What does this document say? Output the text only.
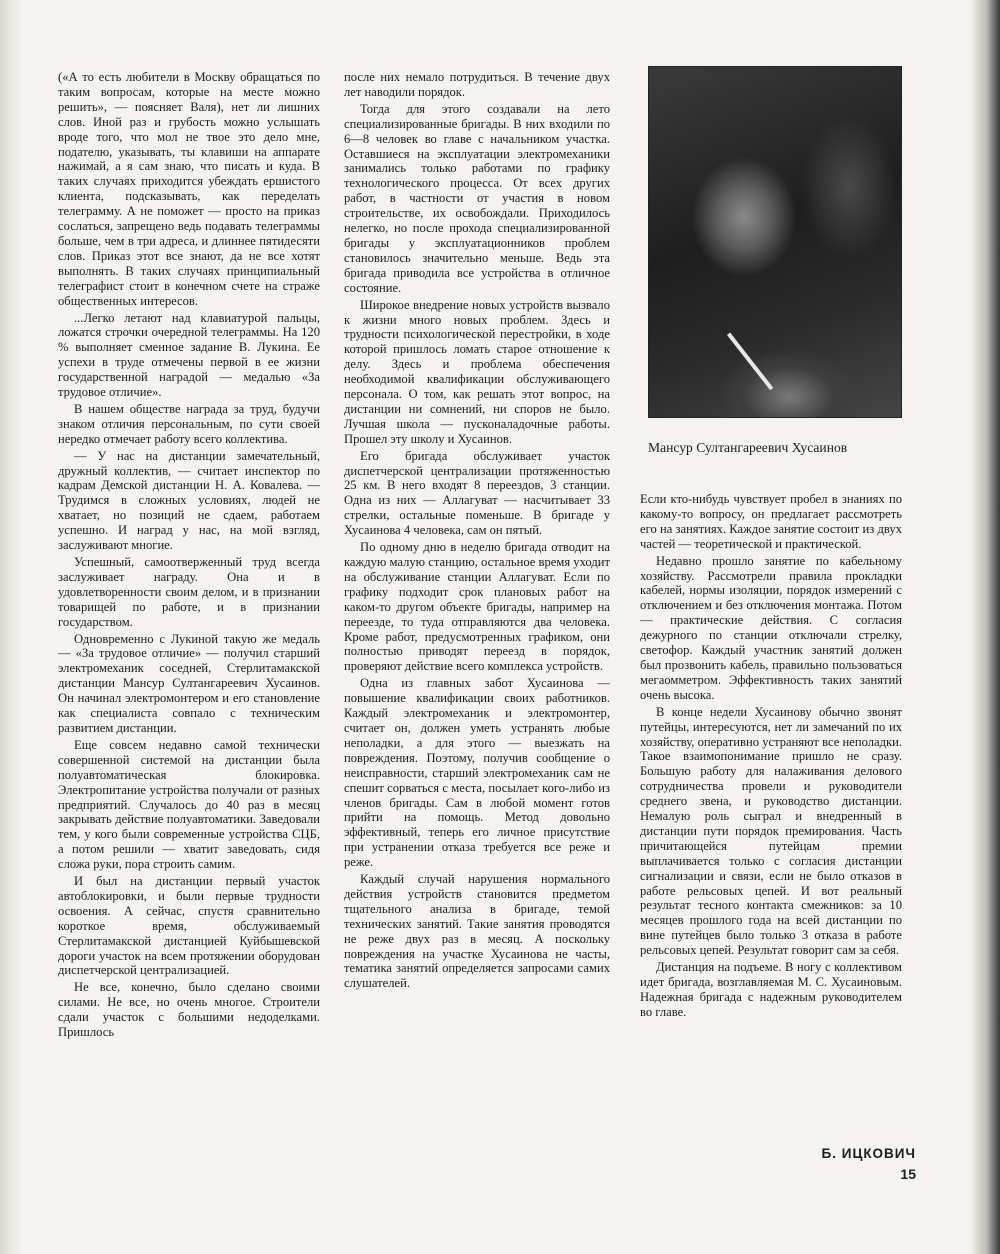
(«А то есть любители в Москву обращаться по таким вопросам, которые на месте можно решить», — поясняет Валя), нет ли лишних слов. Иной раз и грубость можно услышать вроде того, что мол не твое это дело мне, подателю, указывать, ты клавиши на аппарате нажимай, а я сам знаю, что писать и куда. В таких случаях приходится убеждать ершистого клиента, подсказывать, как переделать телеграмму. А не поможет — просто на приказ сослаться, запрещено ведь подавать телеграммы больше, чем в три адреса, и длиннее пятидесяти слов. Приказ этот все знают, да не все хотят выполнять. В таких случаях принципиальный телеграфист стоит в конечном счете на страже общественных интересов.

...Легко летают над клавиатурой пальцы, ложатся строчки очередной телеграммы. На 120 % выполняет сменное задание В. Лукина. Ее успехи в труде отмечены первой в ее жизни государственной наградой — медалью «За трудовое отличие».

В нашем обществе награда за труд, будучи знаком отличия персональным, по сути своей нередко отмечает работу всего коллектива.

— У нас на дистанции замечательный, дружный коллектив, — считает инспектор по кадрам Демской дистанции Н. А. Ковалева. — Трудимся в сложных условиях, людей не хватает, но позиций не сдаем, работаем успешно. И наград у нас, на мой взгляд, заслуживают многие.

Успешный, самоотверженный труд всегда заслуживает награду. Она и в удовлетворенности своим делом, и в признании товарищей по работе, и в признании государством.

Одновременно с Лукиной такую же медаль — «За трудовое отличие» — получил старший электромеханик соседней, Стерлитамакской дистанции Мансур Султангареевич Хусаинов. Он начинал электромонтером и его становление как специалиста совпало с техническим развитием дистанции.

Еще совсем недавно самой технически совершенной системой на дистанции была полуавтоматическая блокировка. Электропитание устройства получали от разных предприятий. Случалось до 40 раз в месяц закрывать действие полуавтоматики. Заведовали тем, у кого были современные устройства СЦБ, а потом решили — хватит заведовать, сидя сложа руки, пора строить самим.

И был на дистанции первый участок автоблокировки, и были первые трудности освоения. А сейчас, спустя сравнительно короткое время, обслуживаемый Стерлитамакской дистанцией Куйбышевской дороги участок на всем протяжении оборудован диспетчерской централизацией.

Не все, конечно, было сделано своими силами. Не все, но очень многое. Строители сдали участок с большими недоделками. Пришлось

после них немало потрудиться. В течение двух лет наводили порядок.

Тогда для этого создавали на лето специализированные бригады. В них входили по 6—8 человек во главе с начальником участка. Оставшиеся на эксплуатации электромеханики занимались только работами по графику технологического процесса. От всех других работ, в частности от участия в новом строительстве, их освобождали. Приходилось нелегко, но после прохода специализированной бригады у эксплуатационников проблем становилось значительно меньше. Ведь эта бригада приводила все устройства в отличное состояние.

Широкое внедрение новых устройств вызвало к жизни много новых проблем. Здесь и трудности психологической перестройки, в ходе которой пришлось ломать старое отношение к делу. Здесь и проблема обеспечения необходимой квалификации обслуживающего персонала. О том, как решать этот вопрос, на дистанции ни сомнений, ни споров не было. Лучшая школа — пусконаладочные работы. Прошел эту школу и Хусаинов.

Его бригада обслуживает участок диспетчерской централизации протяженностью 25 км. В него входят 8 переездов, 3 станции. Одна из них — Аллагуват — насчитывает 33 стрелки, остальные поменьше. В бригаде у Хусаинова 4 человека, сам он пятый.

По одному дню в неделю бригада отводит на каждую малую станцию, остальное время уходит на обслуживание станции Аллагуват. Если по графику подходит срок плановых работ на каком-то другом объекте бригады, например на переезде, то туда отправляются два человека. Кроме работ, предусмотренных графиком, они полностью приводят переезд в порядок, проверяют действие всего комплекса устройств.

Одна из главных забот Хусаинова — повышение квалификации своих работников. Каждый электромеханик и электромонтер, считает он, должен уметь устранять любые неполадки, а для этого — выезжать на повреждения. Поэтому, получив сообщение о неисправности, старший электромеханик сам не спешит сорваться с места, посылает кого-либо из членов бригады. Сам в любой момент готов прийти на помощь. Метод довольно эффективный, теперь его личное присутствие при устранении отказа требуется все реже и реже.

Каждый случай нарушения нормального действия устройств становится предметом тщательного анализа в бригаде, темой технических занятий. Такие занятия проводятся не реже двух раз в месяц. А поскольку повреждения на участке Хусаинова не часты, тематика занятий определяется запросами самих слушателей.

Мансур Султангареевич Хусаинов

Если кто-нибудь чувствует пробел в знаниях по какому-то вопросу, он предлагает рассмотреть его на занятиях. Каждое занятие состоит из двух частей — теоретической и практической.

Недавно прошло занятие по кабельному хозяйству. Рассмотрели правила прокладки кабелей, нормы изоляции, порядок измерений с отключением и без отключения монтажа. Потом — практические действия. С согласия дежурного по станции отключали стрелку, светофор. Каждый участник занятий должен был прозвонить кабель, правильно пользоваться мегаомметром. Эффективность таких занятий очень высока.

В конце недели Хусаинову обычно звонят путейцы, интересуются, нет ли замечаний по их хозяйству, оперативно устраняют все неполадки. Такое взаимопонимание пришло не сразу. Большую работу для налаживания делового сотрудничества провели и руководители среднего звена, и руководство дистанции. Немалую роль сыграл и внедренный в дистанции пути порядок премирования. Часть причитающейся путейцам премии выплачивается только с согласия дистанции сигнализации и связи, если не было отказов в работе рельсовых цепей. И вот реальный результат тесного контакта смежников: за 10 месяцев прошлого года на всей дистанции по вине путейцев было только 3 отказа в работе рельсовых цепей. Результат говорит сам за себя.

Дистанция на подъеме. В ногу с коллективом идет бригада, возглавляемая М. С. Хусаиновым. Надежная бригада с надежным руководителем во главе.

Б. ИЦКОВИЧ
15
